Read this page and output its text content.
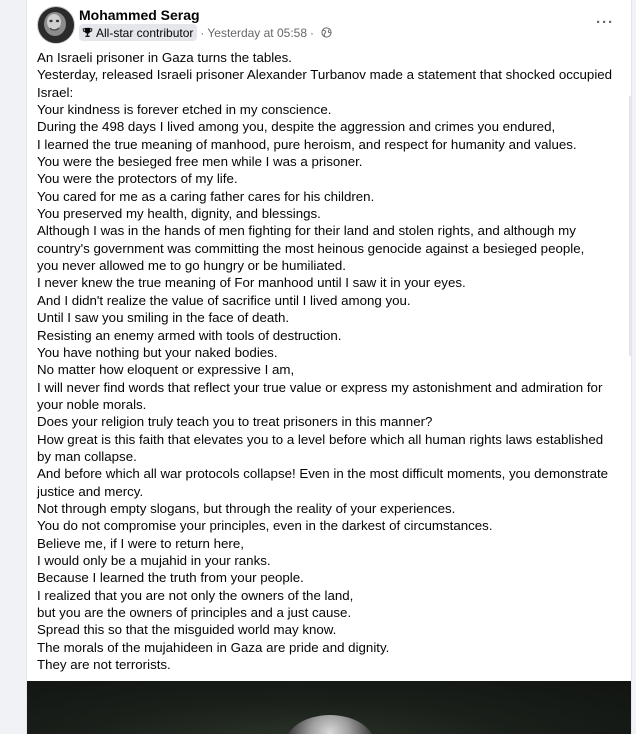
Mohammed Serag
All-star contributor · Yesterday at 05:58 ·
···
An Israeli prisoner in Gaza turns the tables.
Yesterday, released Israeli prisoner Alexander Turbanov made a statement that shocked occupied Israel:
Your kindness is forever etched in my conscience.
During the 498 days I lived among you, despite the aggression and crimes you endured,
I learned the true meaning of manhood, pure heroism, and respect for humanity and values.
You were the besieged free men while I was a prisoner.
You were the protectors of my life.
You cared for me as a caring father cares for his children.
You preserved my health, dignity, and blessings.
Although I was in the hands of men fighting for their land and stolen rights, and although my country's government was committing the most heinous genocide against a besieged people,
you never allowed me to go hungry or be humiliated.
I never knew the true meaning of For manhood until I saw it in your eyes.
And I didn't realize the value of sacrifice until I lived among you.
Until I saw you smiling in the face of death.
Resisting an enemy armed with tools of destruction.
You have nothing but your naked bodies.
No matter how eloquent or expressive I am,
I will never find words that reflect your true value or express my astonishment and admiration for your noble morals.
Does your religion truly teach you to treat prisoners in this manner?
How great is this faith that elevates you to a level before which all human rights laws established by man collapse.
And before which all war protocols collapse! Even in the most difficult moments, you demonstrate justice and mercy.
Not through empty slogans, but through the reality of your experiences.
You do not compromise your principles, even in the darkest of circumstances.
Believe me, if I were to return here,
I would only be a mujahid in your ranks.
Because I learned the truth from your people.
I realized that you are not only the owners of the land,
but you are the owners of principles and a just cause.
Spread this so that the misguided world may know.
The morals of the mujahideen in Gaza are pride and dignity.
They are not terrorists.
